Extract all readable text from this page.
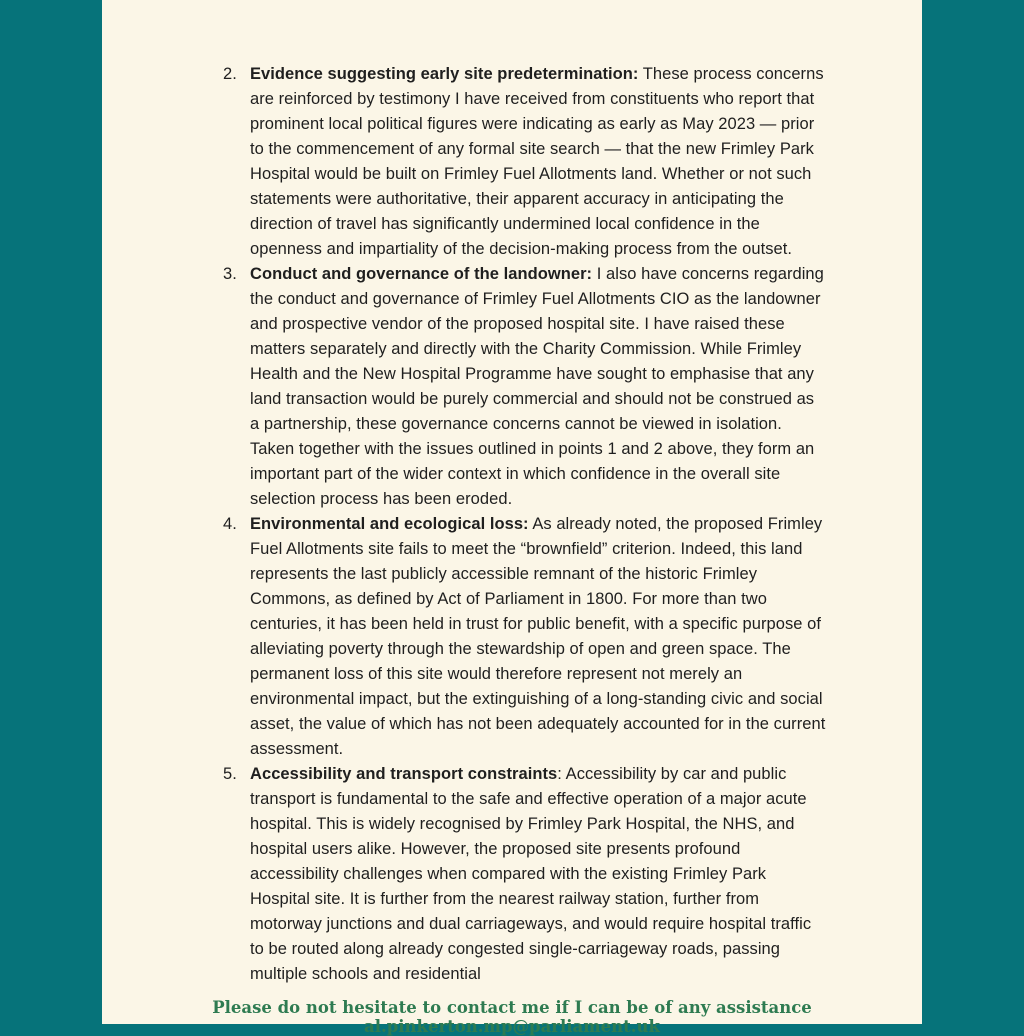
2. Evidence suggesting early site predetermination: These process concerns are reinforced by testimony I have received from constituents who report that prominent local political figures were indicating as early as May 2023 — prior to the commencement of any formal site search — that the new Frimley Park Hospital would be built on Frimley Fuel Allotments land. Whether or not such statements were authoritative, their apparent accuracy in anticipating the direction of travel has significantly undermined local confidence in the openness and impartiality of the decision-making process from the outset.
3. Conduct and governance of the landowner: I also have concerns regarding the conduct and governance of Frimley Fuel Allotments CIO as the landowner and prospective vendor of the proposed hospital site. I have raised these matters separately and directly with the Charity Commission. While Frimley Health and the New Hospital Programme have sought to emphasise that any land transaction would be purely commercial and should not be construed as a partnership, these governance concerns cannot be viewed in isolation. Taken together with the issues outlined in points 1 and 2 above, they form an important part of the wider context in which confidence in the overall site selection process has been eroded.
4. Environmental and ecological loss: As already noted, the proposed Frimley Fuel Allotments site fails to meet the “brownfield” criterion. Indeed, this land represents the last publicly accessible remnant of the historic Frimley Commons, as defined by Act of Parliament in 1800. For more than two centuries, it has been held in trust for public benefit, with a specific purpose of alleviating poverty through the stewardship of open and green space. The permanent loss of this site would therefore represent not merely an environmental impact, but the extinguishing of a long-standing civic and social asset, the value of which has not been adequately accounted for in the current assessment.
5. Accessibility and transport constraints: Accessibility by car and public transport is fundamental to the safe and effective operation of a major acute hospital. This is widely recognised by Frimley Park Hospital, the NHS, and hospital users alike. However, the proposed site presents profound accessibility challenges when compared with the existing Frimley Park Hospital site. It is further from the nearest railway station, further from motorway junctions and dual carriageways, and would require hospital traffic to be routed along already congested single-carriageway roads, passing multiple schools and residential
Please do not hesitate to contact me if I can be of any assistance
al.pinkerton.mp@parliament.uk
